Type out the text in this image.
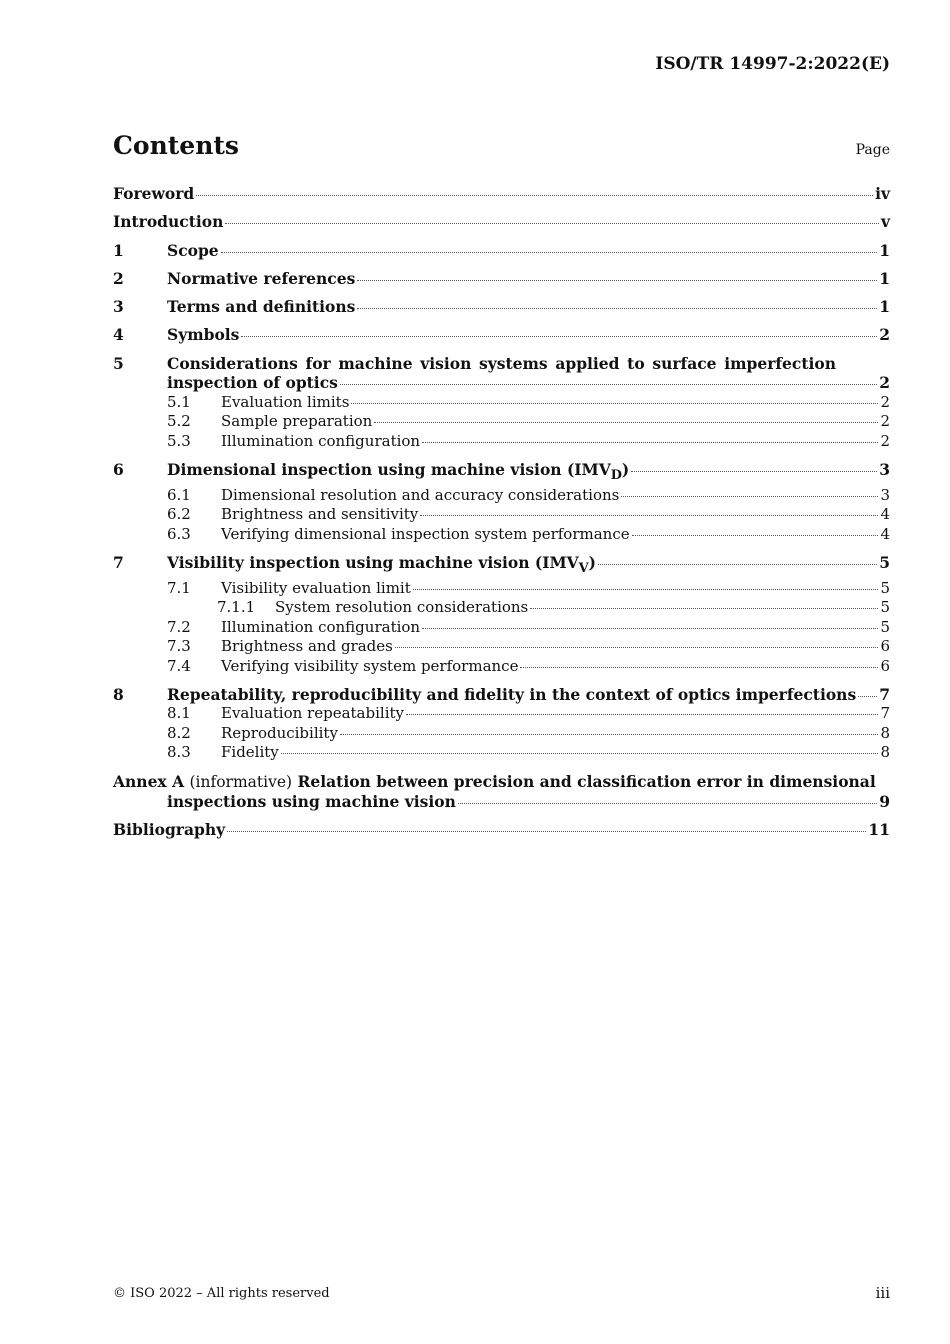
ISO/TR 14997-2:2022(E)
Contents	Page
Foreword	iv
Introduction	v
1	Scope	1
2	Normative references	1
3	Terms and definitions	1
4	Symbols	2
5	Considerations for machine vision systems applied to surface imperfection
inspection of optics	2
5.1	Evaluation limits	2
5.2	Sample preparation	2
5.3	Illumination configuration	2
6	Dimensional inspection using machine vision $(IMV_D)$	3
6.1	Dimensional resolution and accuracy considerations	3
6.2	Brightness and sensitivity	4
6.3	Verifying dimensional inspection system performance	4
7	Visibility inspection using machine vision $(IMV_V)$	5
7.1	Visibility evaluation limit	5
7.1.1	System resolution considerations	5
7.2	Illumination configuration	5
7.3	Brightness and grades	6
7.4	Verifying visibility system performance	6
8	Repeatability, reproducibility and fidelity in the context of optics imperfections 7
8.1	Evaluation repeatability	7
8.2	Reproducibility	8
8.3	Fidelity	8
Annex A (informative) Relation between precision and classification error in dimensional
inspections using machine vision	9
Bibliography	11
© ISO 2022 – All rights reserved	iii
